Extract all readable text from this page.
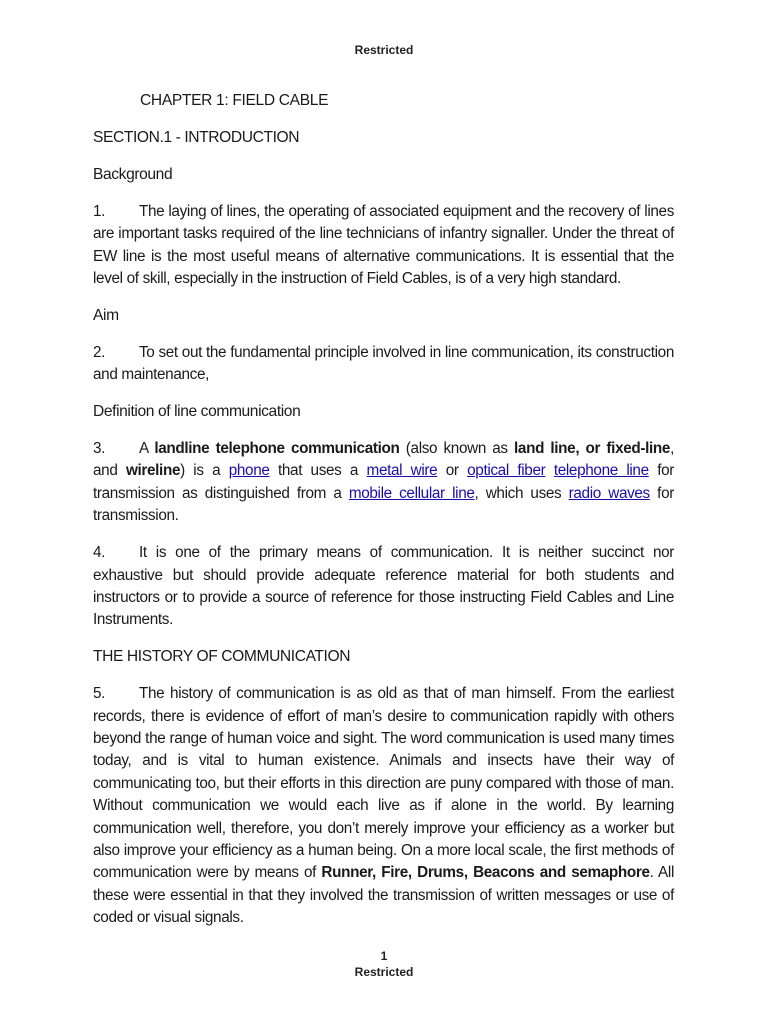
Restricted
CHAPTER 1: FIELD CABLE
SECTION.1 - INTRODUCTION
Background

1. The laying of lines, the operating of associated equipment and the recovery of lines are important tasks required of the line technicians of infantry signaller. Under the threat of EW line is the most useful means of alternative communications. It is essential that the level of skill, especially in the instruction of Field Cables, is of a very high standard.

Aim

2. To set out the fundamental principle involved in line communication, its construction and maintenance,

Definition of line communication

3. A landline telephone communication (also known as land line, or fixed-line, and wireline) is a phone that uses a metal wire or optical fiber telephone line for transmission as distinguished from a mobile cellular line, which uses radio waves for transmission.

4. It is one of the primary means of communication. It is neither succinct nor exhaustive but should provide adequate reference material for both students and instructors or to provide a source of reference for those instructing Field Cables and Line Instruments.

THE HISTORY OF COMMUNICATION

5. The history of communication is as old as that of man himself. From the earliest records, there is evidence of effort of man’s desire to communication rapidly with others beyond the range of human voice and sight. The word communication is used many times today, and is vital to human existence. Animals and insects have their way of communicating too, but their efforts in this direction are puny compared with those of man. Without communication we would each live as if alone in the world. By learning communication well, therefore, you don’t merely improve your efficiency as a worker but also improve your efficiency as a human being. On a more local scale, the first methods of communication were by means of Runner, Fire, Drums, Beacons and semaphore. All these were essential in that they involved the transmission of written messages or use of coded or visual signals.

1
Restricted
